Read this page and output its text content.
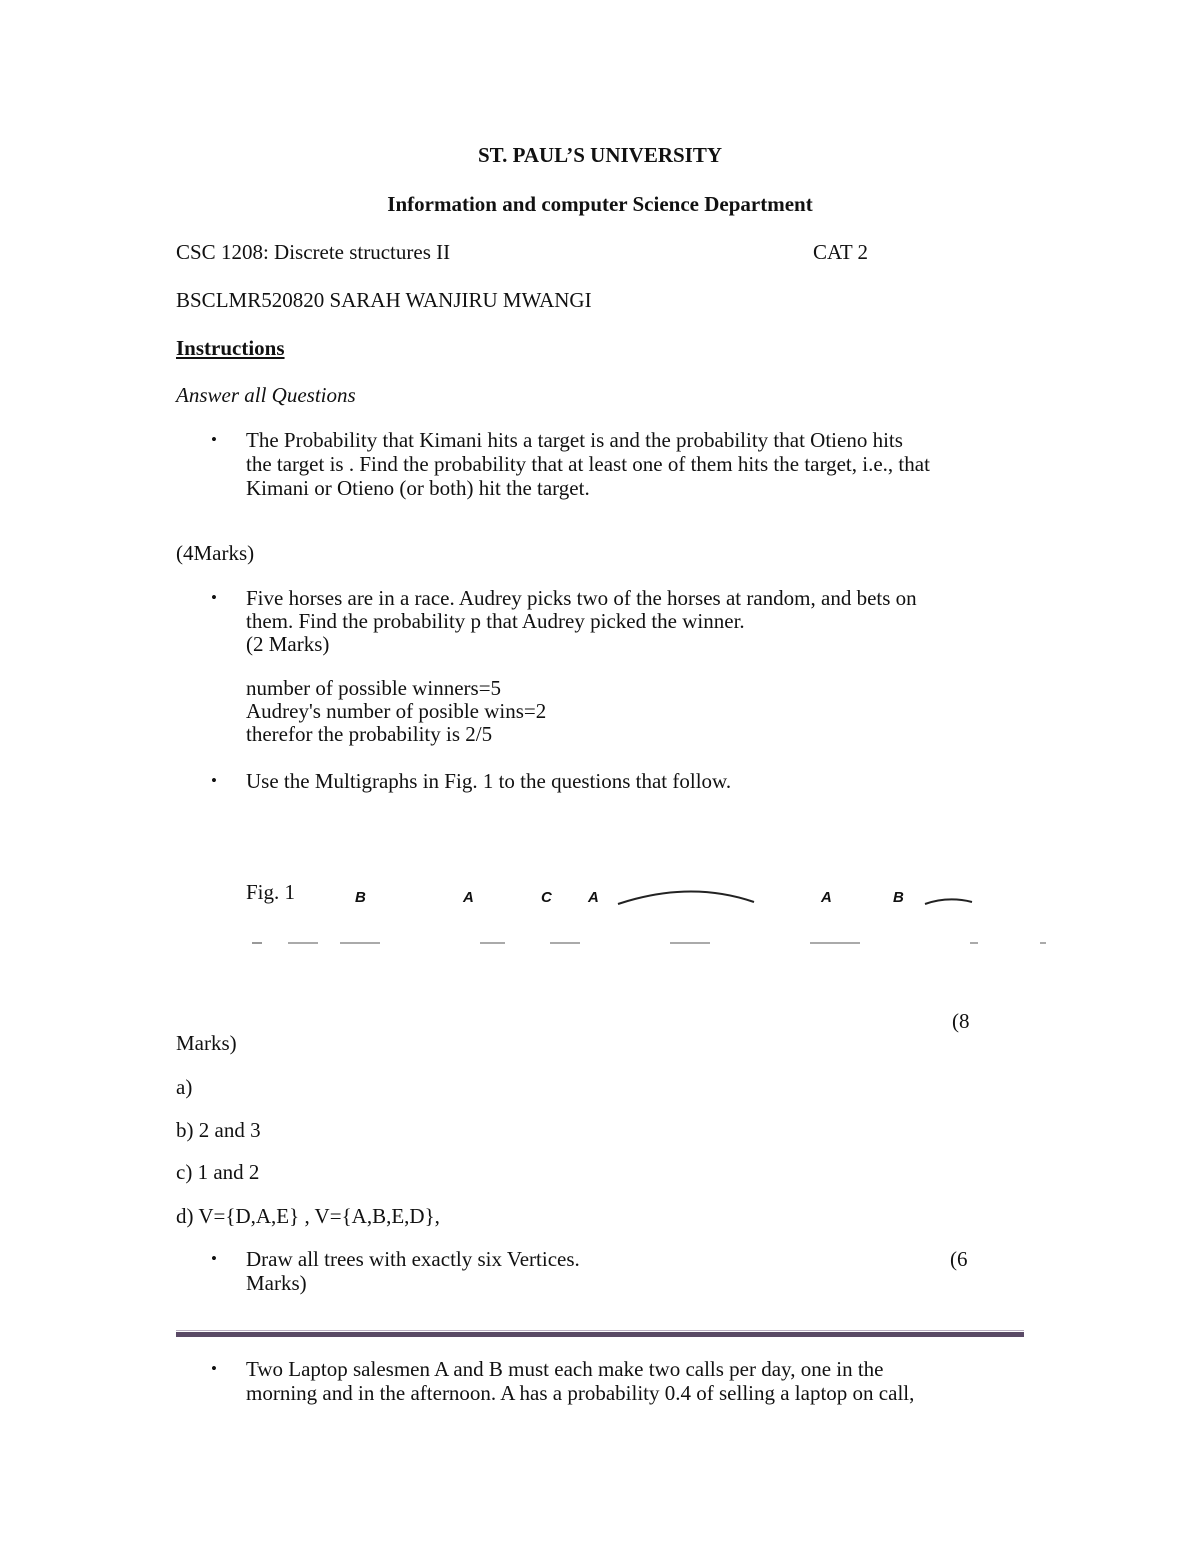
ST. PAUL’S UNIVERSITY
Information and computer Science Department
CSC 1208: Discrete structures II	CAT 2
BSCLMR520820 SARAH WANJIRU MWANGI
Instructions
Answer all Questions
• The Probability that Kimani hits a target is and the probability that Otieno hits
the target is . Find the probability that at least one of them hits the target, i.e., that
Kimani or Otieno (or both) hit the target.
(4Marks)
• Five horses are in a race. Audrey picks two of the horses at random, and bets on
them. Find the probability p that Audrey picked the winner.
(2 Marks)
number of possible winners=5
Audrey's number of posible wins=2
therefor the probability is 2/5
• Use the Multigraphs in Fig. 1 to the questions that follow.
Fig. 1	B	A	C A	A	B
(8
Marks)
a)
b) 2 and 3
c) 1 and 2
d) V={D,A,E} , V={A,B,E,D},
• Draw all trees with exactly six Vertices.	(6
Marks)
• Two Laptop salesmen A and B must each make two calls per day, one in the
morning and in the afternoon. A has a probability 0.4 of selling a laptop on call,
